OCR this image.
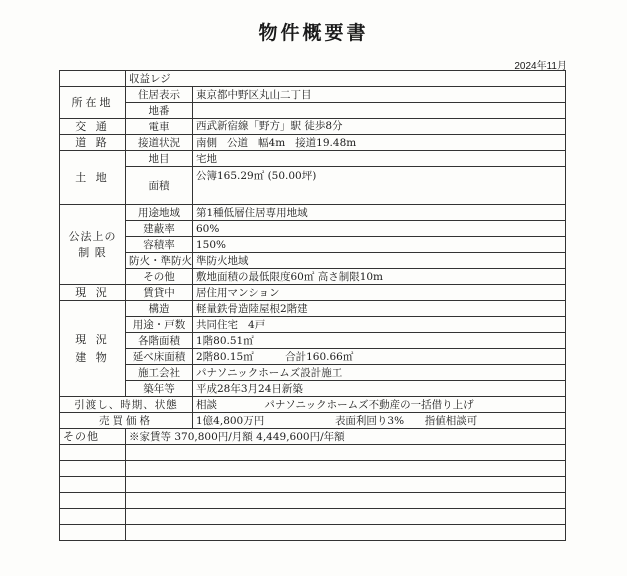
物件概要書
2024年11月
	収益レジ	
所在地	住居表示	東京都中野区丸山二丁目
	地番	
交 通	電車	西武新宿線「野方」駅 徒歩8分
道 路	接道状況	南側 公道 幅4m 接道19.48m
土 地	地目	宅地
	面積	公簿165.29㎡ (50.00坪)

公法上の
制 限	用途地域	第1種低層住居専用地域
	建蔽率	60%
	容積率	150%
	防火・準防火	準防火地域
	その他	敷地面積の最低限度60㎡ 高さ制限10m
現 況	賃貸中	居住用マンション

現 況
建 物	構造	軽量鉄骨造陸屋根2階建
	用途・戸数	共同住宅 4戸
	各階面積	1階80.51㎡
	延べ床面積	2階80.15㎡ 合計160.66㎡
	施工会社	パナソニックホームズ設計施工
	築年等	平成28年3月24日新築
引渡し、時期、状態		相談 パナソニックホームズ不動産の一括借り上げ
売買価格		1億4,800万円 表面利回り3% 指値相談可
その他	※家賃等 370,800円/月額 4,449,600円/年額	
